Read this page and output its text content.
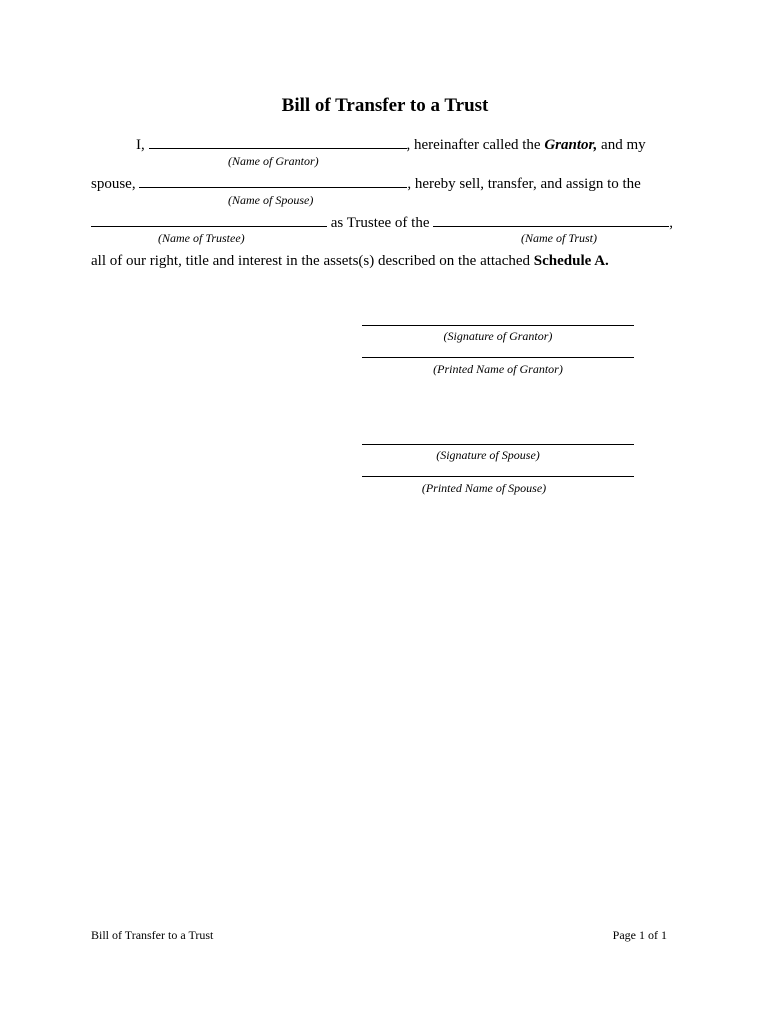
Bill of Transfer to a Trust
I,	, hereinafter called the Grantor, and my
(Name of Grantor)
spouse,	, hereby sell, transfer, and assign to the
(Name of Spouse)
as Trustee of the	,
(Name of Trustee)	(Name of Trust)
all of our right, title and interest in the assets(s) described on the attached Schedule A.
(Signature of Grantor)
(Printed Name of Grantor)
(Signature of Spouse)
(Printed Name of Spouse)
Bill of Transfer to a Trust	Page 1 of 1
